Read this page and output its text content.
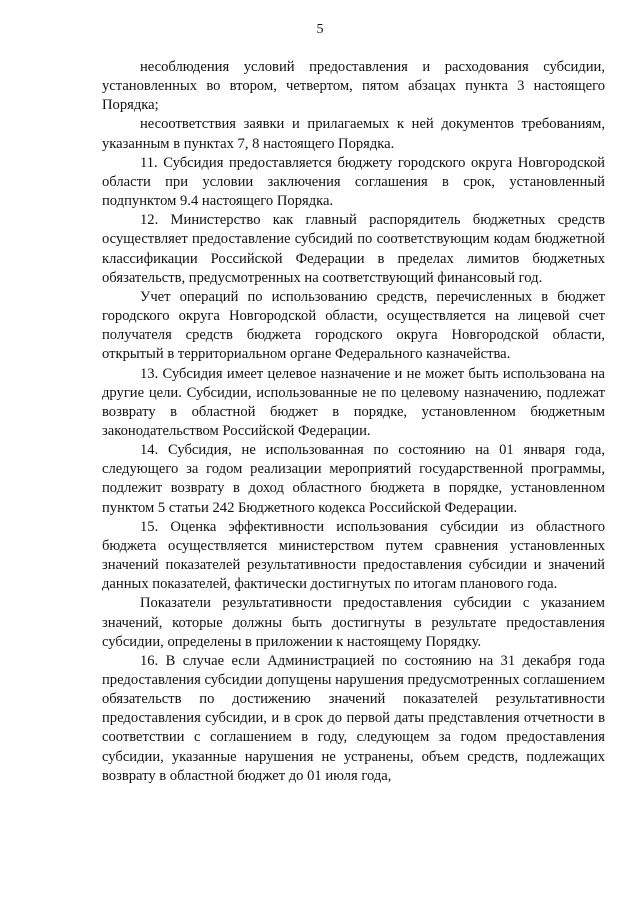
5

несоблюдения условий предоставления и расходования субсидии, установленных во втором, четвертом, пятом абзацах пункта 3 настоящего Порядка;

несоответствия заявки и прилагаемых к ней документов требованиям, указанным в пунктах 7, 8 настоящего Порядка.

11. Субсидия предоставляется бюджету городского округа Новгородской области при условии заключения соглашения в срок, установленный подпунктом 9.4 настоящего Порядка.

12. Министерство как главный распорядитель бюджетных средств осуществляет предоставление субсидий по соответствующим кодам бюджетной классификации Российской Федерации в пределах лимитов бюджетных обязательств, предусмотренных на соответствующий финансовый год.

Учет операций по использованию средств, перечисленных в бюджет городского округа Новгородской области, осуществляется на лицевой счет получателя средств бюджета городского округа Новгородской области, открытый в территориальном органе Федерального казначейства.

13. Субсидия имеет целевое назначение и не может быть использована на другие цели. Субсидии, использованные не по целевому назначению, подлежат возврату в областной бюджет в порядке, установленном бюджетным законодательством Российской Федерации.

14. Субсидия, не использованная по состоянию на 01 января года, следующего за годом реализации мероприятий государственной программы, подлежит возврату в доход областного бюджета в порядке, установленном пунктом 5 статьи 242 Бюджетного кодекса Российской Федерации.

15. Оценка эффективности использования субсидии из областного бюджета осуществляется министерством путем сравнения установленных значений показателей результативности предоставления субсидии и значений данных показателей, фактически достигнутых по итогам планового года.

Показатели результативности предоставления субсидии с указанием значений, которые должны быть достигнуты в результате предоставления субсидии, определены в приложении к настоящему Порядку.

16. В случае если Администрацией по состоянию на 31 декабря года предоставления субсидии допущены нарушения предусмотренных соглашением обязательств по достижению значений показателей результативности предоставления субсидии, и в срок до первой даты представления отчетности в соответствии с соглашением в году, следующем за годом предоставления субсидии, указанные нарушения не устранены, объем средств, подлежащих возврату в областной бюджет до 01 июля года,
